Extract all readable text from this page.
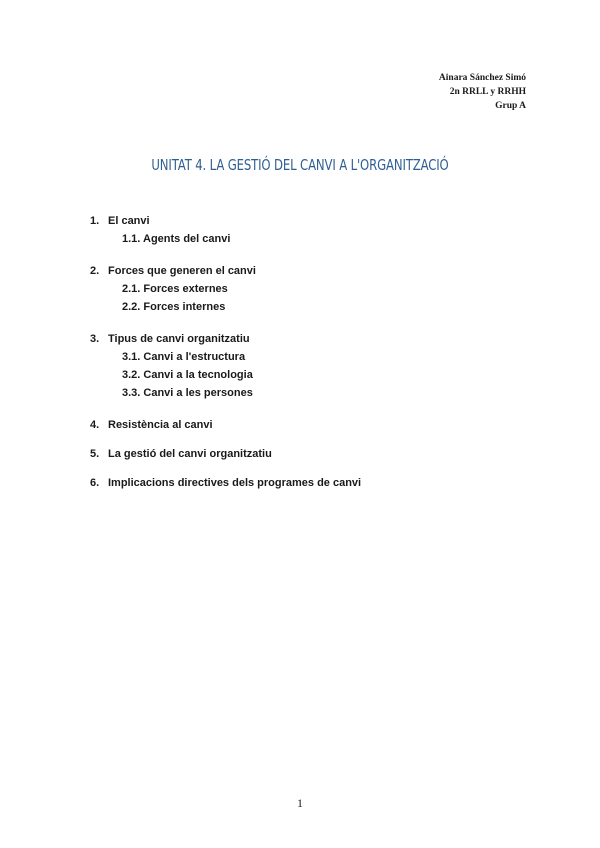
Ainara Sánchez Simó
2n RRLL y RRHH
Grup A
UNITAT 4. LA GESTIÓ DEL CANVI A L'ORGANITZACIÓ
1. El canvi
1.1. Agents del canvi
2. Forces que generen el canvi
2.1. Forces externes
2.2. Forces internes
3. Tipus de canvi organitzatiu
3.1. Canvi a l'estructura
3.2. Canvi a la tecnologia
3.3. Canvi a les persones
4. Resistència al canvi
5. La gestió del canvi organitzatiu
6. Implicacions directives dels programes de canvi
1
